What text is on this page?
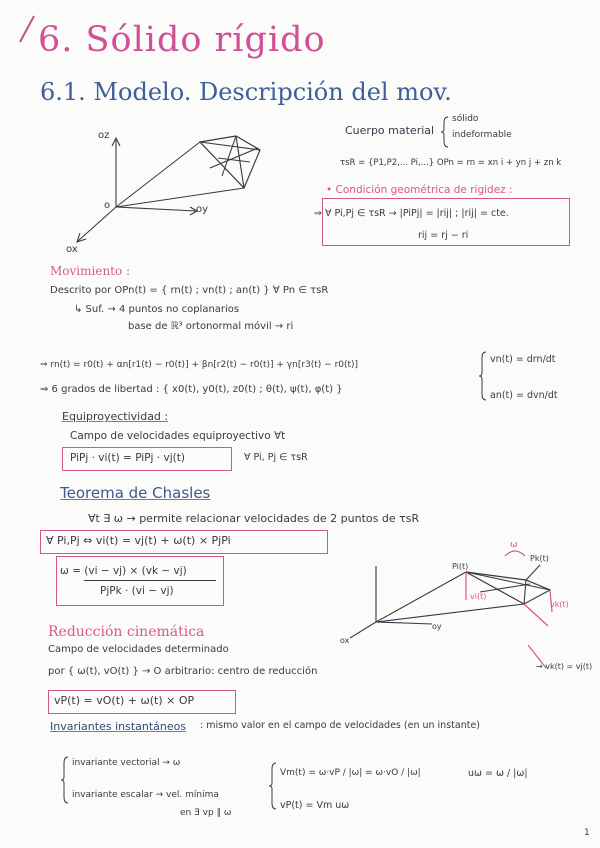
6. Sólido rígido
6.1. Modelo. Descripción del mov.
oz
oy
ox
o
Cuerpo material
sólido
indeformable
τsR = {P1,P2,... Pi,...} OPn = rn = xn i + yn j + zn k
• Condición geométrica de rigidez :
⇒ ∀ Pi,Pj ∈ τsR → |PiPj| = |rij| ; |rij| = cte.
rij = rj − ri
Movimiento :
Descrito por OPn(t) = { rn(t) ; vn(t) ; an(t) } ∀ Pn ∈ τsR
↳ Suf. → 4 puntos no coplanarios
base de ℝ³ ortonormal móvil → ri
⇒ rn(t) = r0(t) + αn[r1(t) − r0(t)] + βn[r2(t) − r0(t)] + γn[r3(t) − r0(t)]
⇒ 6 grados de libertad : { x0(t), y0(t), z0(t) ; θ(t), ψ(t), φ(t) }
vn(t) = drn/dt
an(t) = dvn/dt
Equiproyectividad :
Campo de velocidades equiproyectivo ∀t
PiPj · vi(t) = PiPj · vj(t)	∀ Pi, Pj ∈ τsR
Teorema de Chasles
∀t ∃ ω → permite relacionar velocidades de 2 puntos de τsR
∀ Pi,Pj ⇔ vi(t) = vj(t) + ω(t) × PjPi
ω = (vi − vj) × (vk − vj)
PjPk · (vi − vj)
Pk(t)
Pi(t)
vi(t)
vk(t)
ω
oy
ox
→ vk(t) = vj(t)
Reducción cinemática
Campo de velocidades determinado
por { ω(t), vO(t) } → O arbitrario: centro de reducción
vP(t) = vO(t) + ω(t) × OP
Invariantes instantáneos : mismo valor en el campo de velocidades (en un instante)
invariante vectorial → ω
invariante escalar → vel. mínima
en Ǝ vp ∥ ω
Vm(t) = ω·vP / |ω| = ω·vO / |ω|	uω = ω / |ω|
vP(t) = Vm uω
1
